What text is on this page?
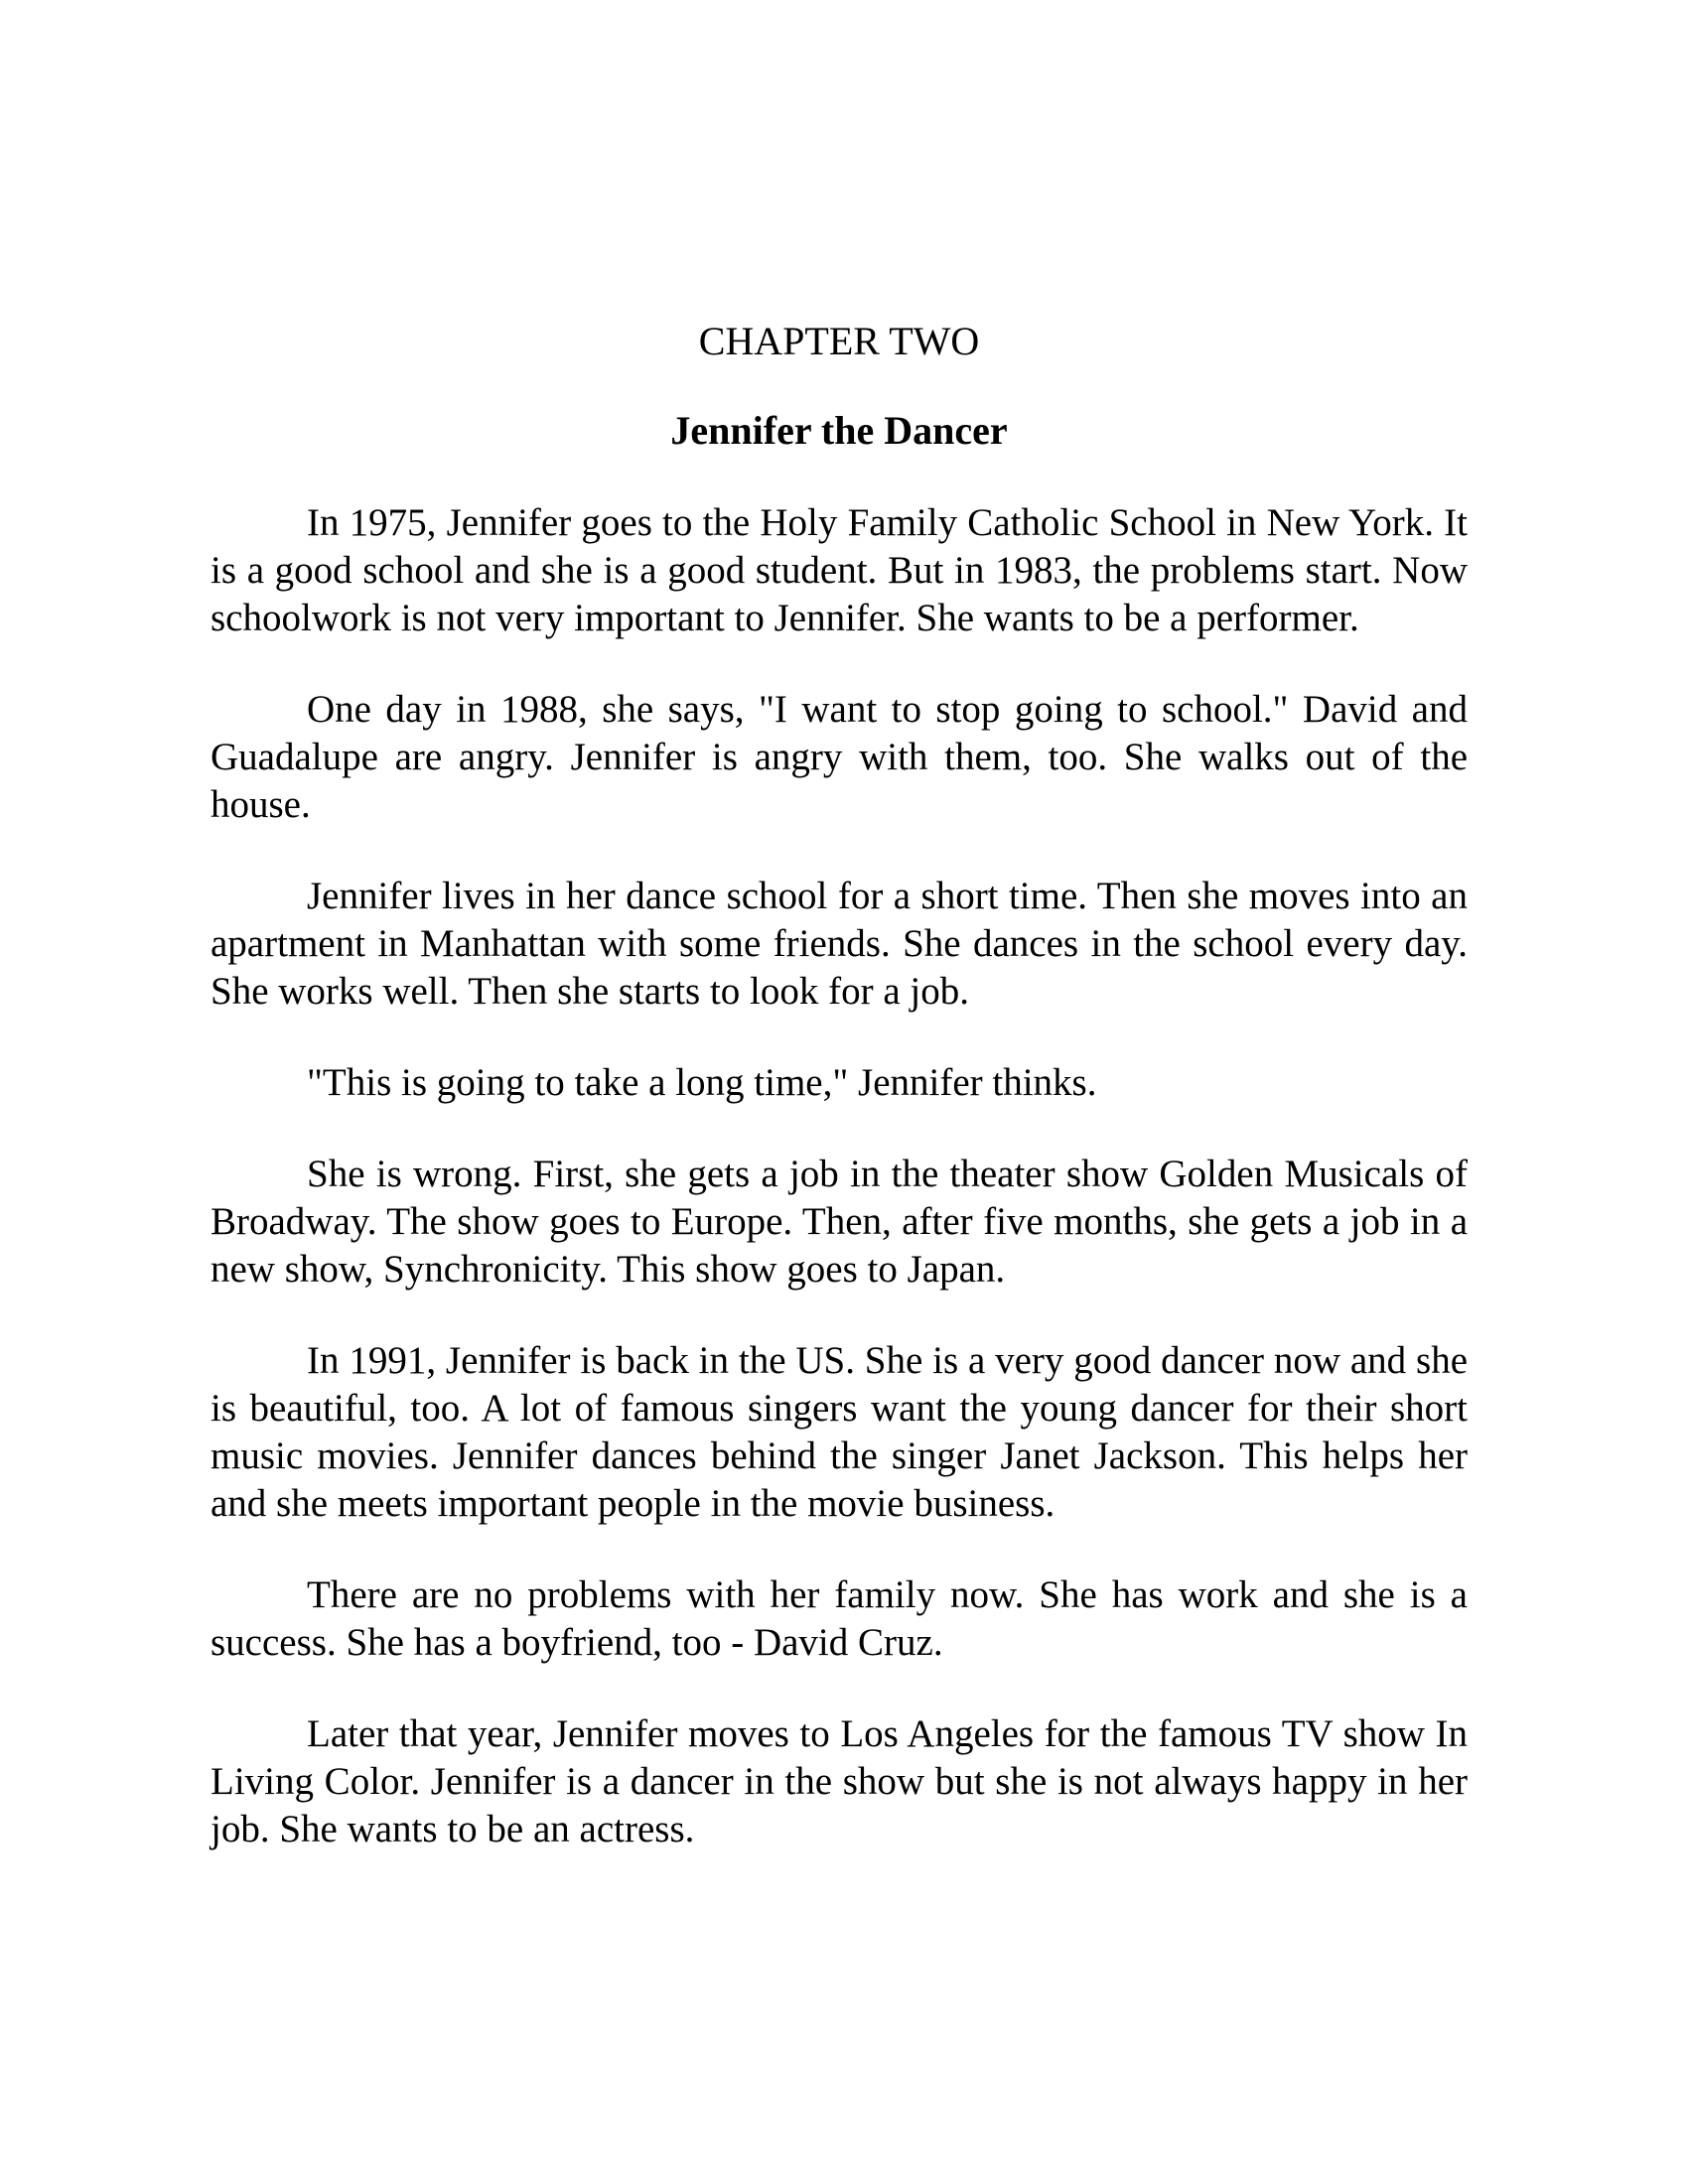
CHAPTER TWO
Jennifer the Dancer

In 1975, Jennifer goes to the Holy Family Catholic School in New York. It is a good school and she is a good student. But in 1983, the problems start. Now schoolwork is not very important to Jennifer. She wants to be a performer.

One day in 1988, she says, "I want to stop going to school." David and Guadalupe are angry. Jennifer is angry with them, too. She walks out of the house.

Jennifer lives in her dance school for a short time. Then she moves into an apartment in Manhattan with some friends. She dances in the school every day. She works well. Then she starts to look for a job.

"This is going to take a long time," Jennifer thinks.

She is wrong. First, she gets a job in the theater show Golden Musicals of Broadway. The show goes to Europe. Then, after five months, she gets a job in a new show, Synchronicity. This show goes to Japan.

In 1991, Jennifer is back in the US. She is a very good dancer now and she is beautiful, too. A lot of famous singers want the young dancer for their short music movies. Jennifer dances behind the singer Janet Jackson. This helps her and she meets important people in the movie business.

There are no problems with her family now. She has work and she is a success. She has a boyfriend, too - David Cruz.

Later that year, Jennifer moves to Los Angeles for the famous TV show In Living Color. Jennifer is a dancer in the show but she is not always happy in her job. She wants to be an actress.
